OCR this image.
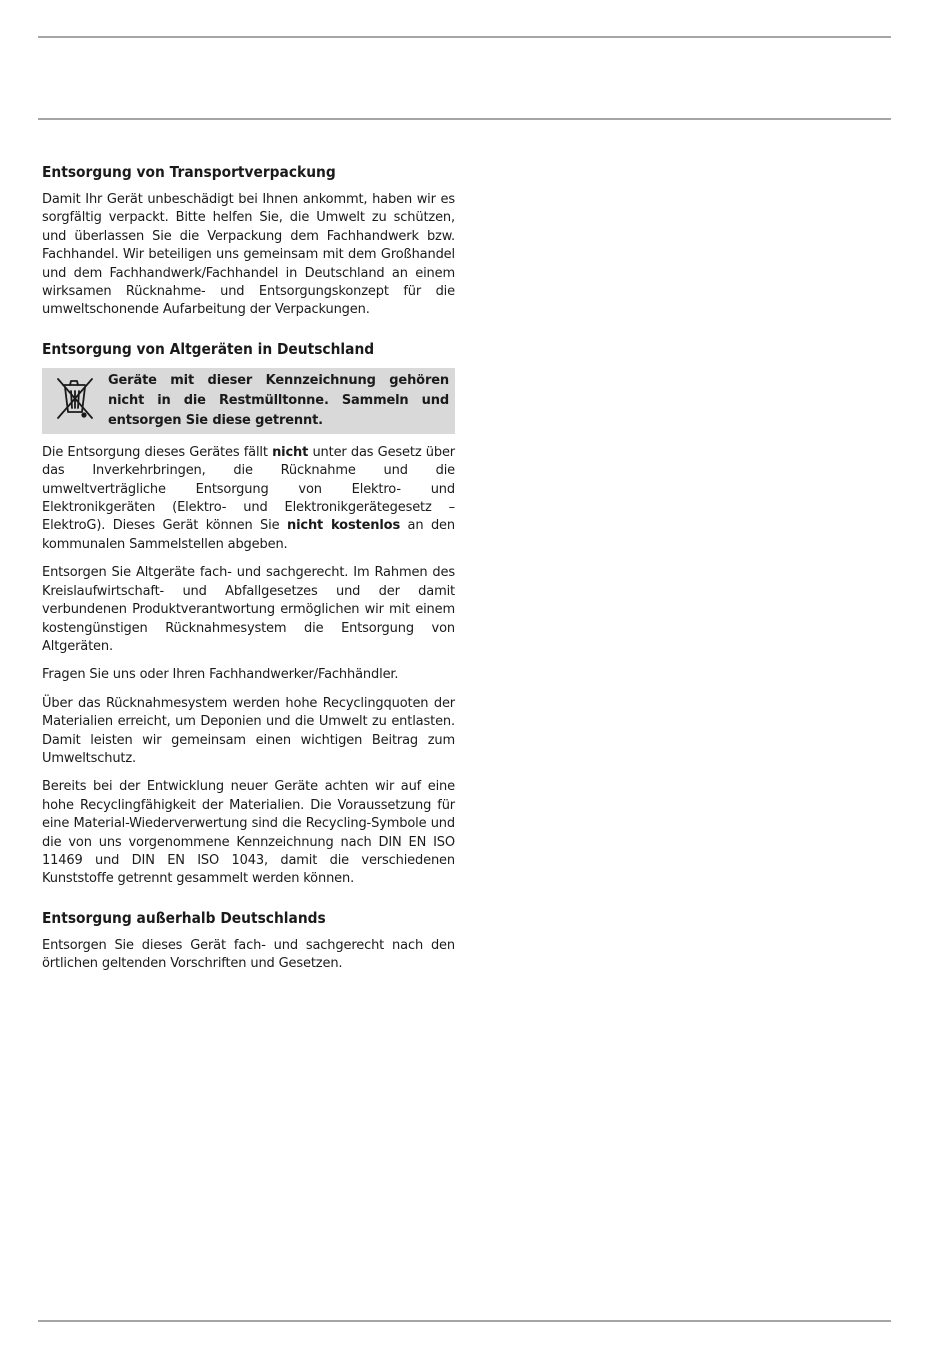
Entsorgung von Transportverpackung

Damit Ihr Gerät unbeschädigt bei Ihnen ankommt, haben wir es sorgfältig verpackt. Bitte helfen Sie, die Umwelt zu schützen, und überlassen Sie die Verpackung dem Fachhandwerk bzw. Fachhandel. Wir beteiligen uns gemeinsam mit dem Großhandel und dem Fachhandwerk/Fachhandel in Deutschland an einem wirksamen Rücknahme- und Entsorgungskonzept für die umweltschonende Aufarbeitung der Verpackungen.

Entsorgung von Altgeräten in Deutschland
Geräte mit dieser Kennzeichnung gehören nicht in die Restmülltonne. Sammeln und entsorgen Sie diese getrennt.

Die Entsorgung dieses Gerätes fällt nicht unter das Gesetz über das Inverkehrbringen, die Rücknahme und die umweltverträgliche Entsorgung von Elektro- und Elektronikgeräten (Elektro- und Elektronikgerätegesetz – ElektroG). Dieses Gerät können Sie nicht kostenlos an den kommunalen Sammelstellen abgeben.

Entsorgen Sie Altgeräte fach- und sachgerecht. Im Rahmen des Kreislaufwirtschaft- und Abfallgesetzes und der damit verbundenen Produktverantwortung ermöglichen wir mit einem kostengünstigen Rücknahmesystem die Entsorgung von Altgeräten.

Fragen Sie uns oder Ihren Fachhandwerker/Fachhändler.

Über das Rücknahmesystem werden hohe Recyclingquoten der Materialien erreicht, um Deponien und die Umwelt zu entlasten. Damit leisten wir gemeinsam einen wichtigen Beitrag zum Umweltschutz.

Bereits bei der Entwicklung neuer Geräte achten wir auf eine hohe Recyclingfähigkeit der Materialien. Die Voraussetzung für eine Material-Wiederverwertung sind die Recycling-Symbole und die von uns vorgenommene Kennzeichnung nach DIN EN ISO 11469 und DIN EN ISO 1043, damit die verschiedenen Kunststoffe getrennt gesammelt werden können.

Entsorgung außerhalb Deutschlands

Entsorgen Sie dieses Gerät fach- und sachgerecht nach den örtlichen geltenden Vorschriften und Gesetzen.
